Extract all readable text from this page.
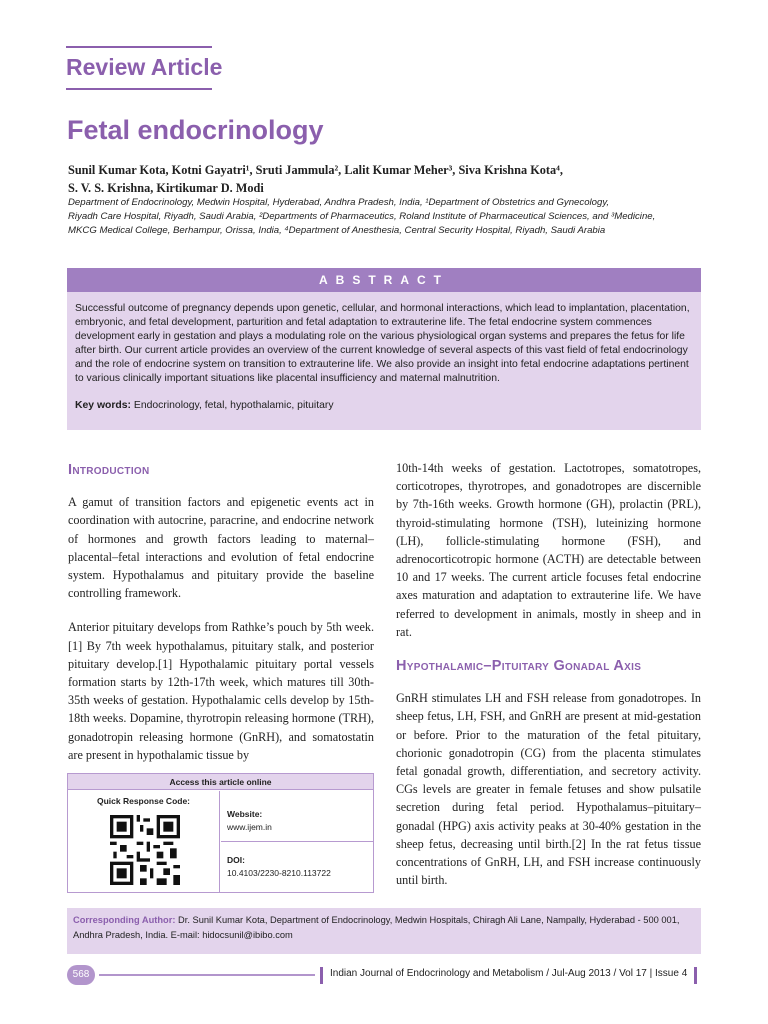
Review Article
Fetal endocrinology
Sunil Kumar Kota, Kotni Gayatri¹, Sruti Jammula², Lalit Kumar Meher³, Siva Krishna Kota⁴,
S. V. S. Krishna, Kirtikumar D. Modi
Department of Endocrinology, Medwin Hospital, Hyderabad, Andhra Pradesh, India, ¹Department of Obstetrics and Gynecology,
Riyadh Care Hospital, Riyadh, Saudi Arabia, ²Departments of Pharmaceutics, Roland Institute of Pharmaceutical Sciences, and ³Medicine,
MKCG Medical College, Berhampur, Orissa, India, ⁴Department of Anesthesia, Central Security Hospital, Riyadh, Saudi Arabia
ABSTRACT
Successful outcome of pregnancy depends upon genetic, cellular, and hormonal interactions, which lead to implantation, placentation, embryonic, and fetal development, parturition and fetal adaptation to extrauterine life. The fetal endocrine system commences development early in gestation and plays a modulating role on the various physiological organ systems and prepares the fetus for life after birth. Our current article provides an overview of the current knowledge of several aspects of this vast field of fetal endocrinology and the role of endocrine system on transition to extrauterine life. We also provide an insight into fetal endocrine adaptations pertinent to various clinically important situations like placental insufficiency and maternal malnutrition.
Key words: Endocrinology, fetal, hypothalamic, pituitary
Introduction

A gamut of transition factors and epigenetic events act in coordination with autocrine, paracrine, and endocrine network of hormones and growth factors leading to maternal–placental–fetal interactions and evolution of fetal endocrine system. Hypothalamus and pituitary provide the baseline controlling framework.

Anterior pituitary develops from Rathke’s pouch by 5th week.[1] By 7th week hypothalamus, pituitary stalk, and posterior pituitary develop.[1] Hypothalamic pituitary portal vessels formation starts by 12th-17th week, which matures till 30th-35th weeks of gestation. Hypothalamic cells develop by 15th-18th weeks. Dopamine, thyrotropin releasing hormone (TRH), gonadotropin releasing hormone (GnRH), and somatostatin are present in hypothalamic tissue by

10th-14th weeks of gestation. Lactotropes, somatotropes, corticotropes, thyrotropes, and gonadotropes are discernible by 7th-16th weeks. Growth hormone (GH), prolactin (PRL), thyroid-stimulating hormone (TSH), luteinizing hormone (LH), follicle-stimulating hormone (FSH), and adrenocorticotropic hormone (ACTH) are detectable between 10 and 17 weeks. The current article focuses fetal endocrine axes maturation and adaptation to extrauterine life. We have referred to development in animals, mostly in sheep and in rat.

Hypothalamic–Pituitary Gonadal Axis

GnRH stimulates LH and FSH release from gonadotropes. In sheep fetus, LH, FSH, and GnRH are present at mid-gestation or before. Prior to the maturation of the fetal pituitary, chorionic gonadotropin (CG) from the placenta stimulates fetal gonadal growth, differentiation, and secretory activity. CGs levels are greater in female fetuses and show pulsatile secretion during fetal period. Hypothalamus–pituitary–gonadal (HPG) axis activity peaks at 30-40% gestation in the sheep fetus, decreasing until birth.[2] In the rat fetus tissue concentrations of GnRH, LH, and FSH increase continuously until birth.

Access this article online
Quick Response Code:
Website:
www.ijem.in
DOI:
10.4103/2230-8210.113722
Corresponding Author: Dr. Sunil Kumar Kota, Department of Endocrinology, Medwin Hospitals, Chiragh Ali Lane, Nampally, Hyderabad - 500 001, Andhra Pradesh, India. E-mail: hidocsunil@ibibo.com
568	Indian Journal of Endocrinology and Metabolism / Jul-Aug 2013 / Vol 17 | Issue 4
